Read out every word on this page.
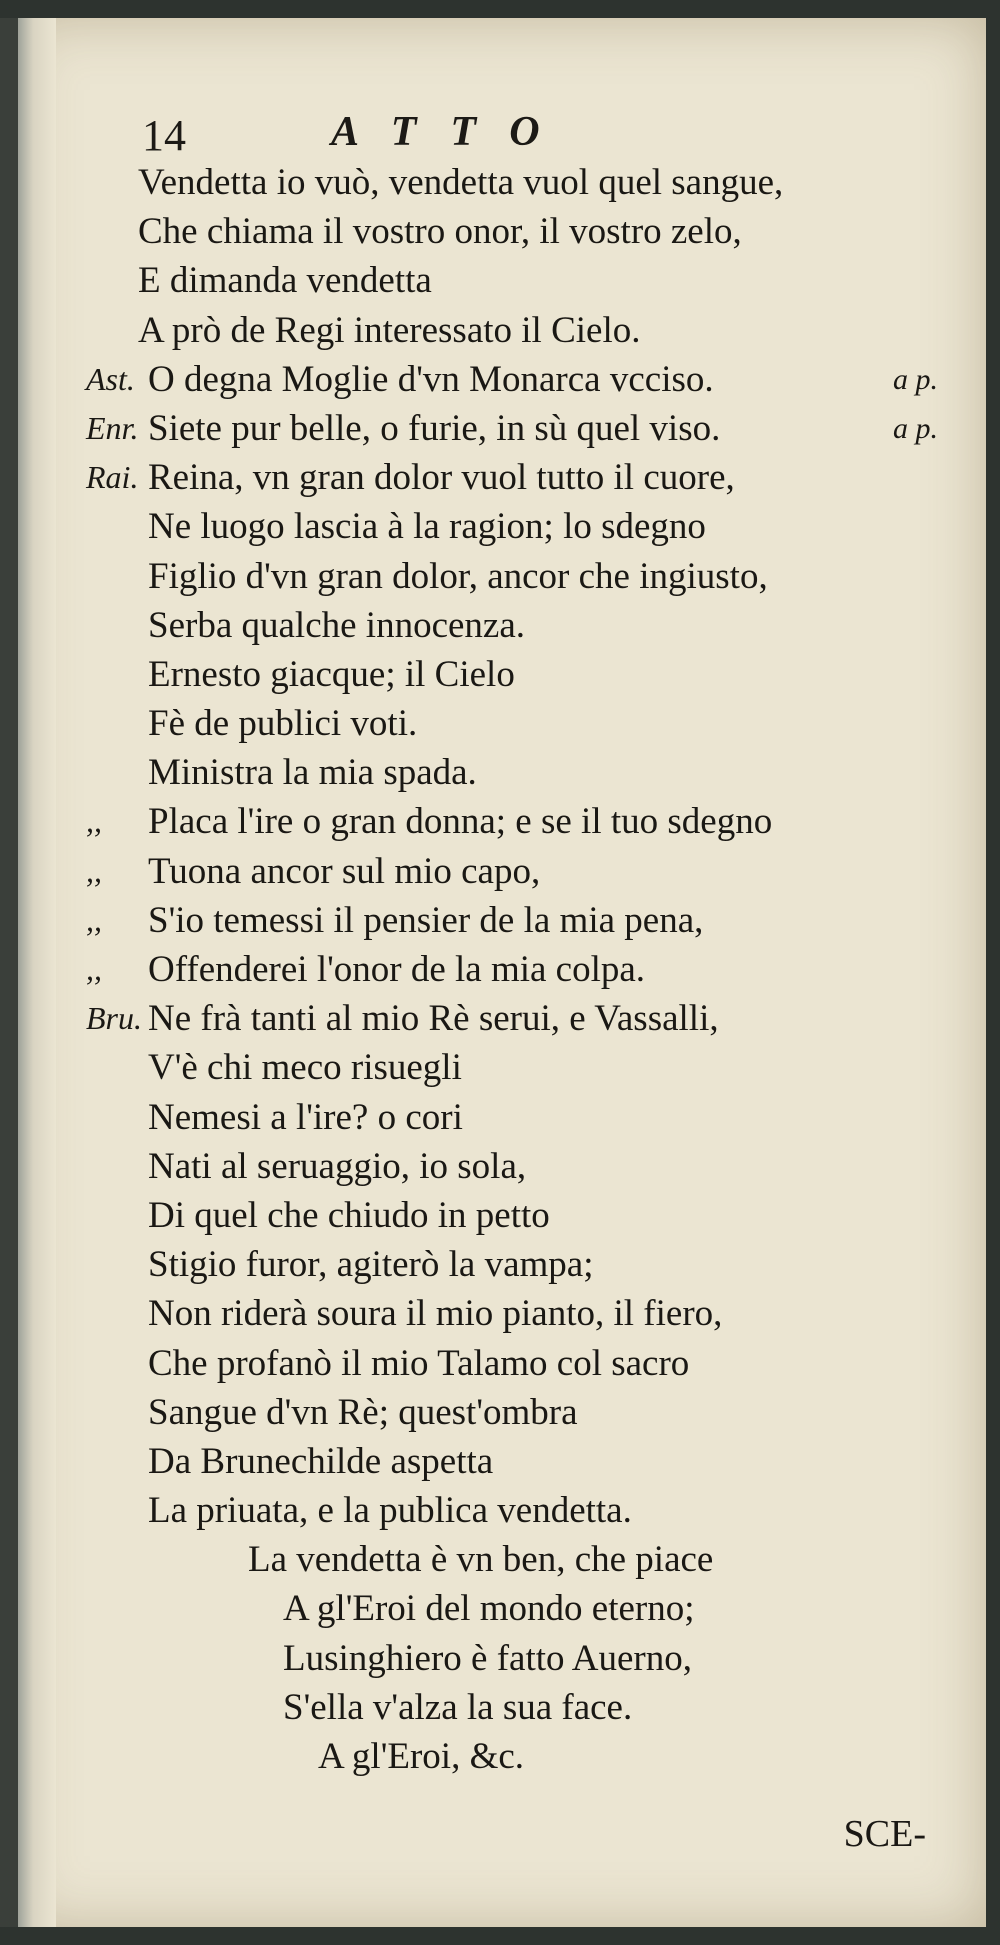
14	ATTO
Vendetta io vuò, vendetta vuol quel sangue,
Che chiama il vostro onor, il vostro zelo,
E dimanda vendetta
A prò de Regi interessato il Cielo.
Ast. O degna Moglie d'vn Monarca vcciso.	a p.
Enr. Siete pur belle, o furie, in sù quel viso.	a p.
Rai. Reina, vn gran dolor vuol tutto il cuore,
Ne luogo lascia à la ragion; lo sdegno
Figlio d'vn gran dolor, ancor che ingiusto,
Serba qualche innocenza.
Ernesto giacque; il Cielo
Fè de publici voti.
Ministra la mia spada.
,, Placa l'ire o gran donna; e se il tuo sdegno
,, Tuona ancor sul mio capo,
,, S'io temessi il pensier de la mia pena,
,, Offenderei l'onor de la mia colpa.
Bru. Ne frà tanti al mio Rè serui, e Vassalli,
V'è chi meco risuegli
Nemesi a l'ire? o cori
Nati al seruaggio, io sola,
Di quel che chiudo in petto
Stigio furor, agiterò la vampa;
Non riderà soura il mio pianto, il fiero,
Che profanò il mio Talamo col sacro
Sangue d'vn Rè; quest'ombra
Da Brunechilde aspetta
La priuata, e la publica vendetta.
La vendetta è vn ben, che piace
A gl'Eroi del mondo eterno;
Lusinghiero è fatto Auerno,
S'ella v'alza la sua face.
A gl'Eroi, &c.
SCE-
